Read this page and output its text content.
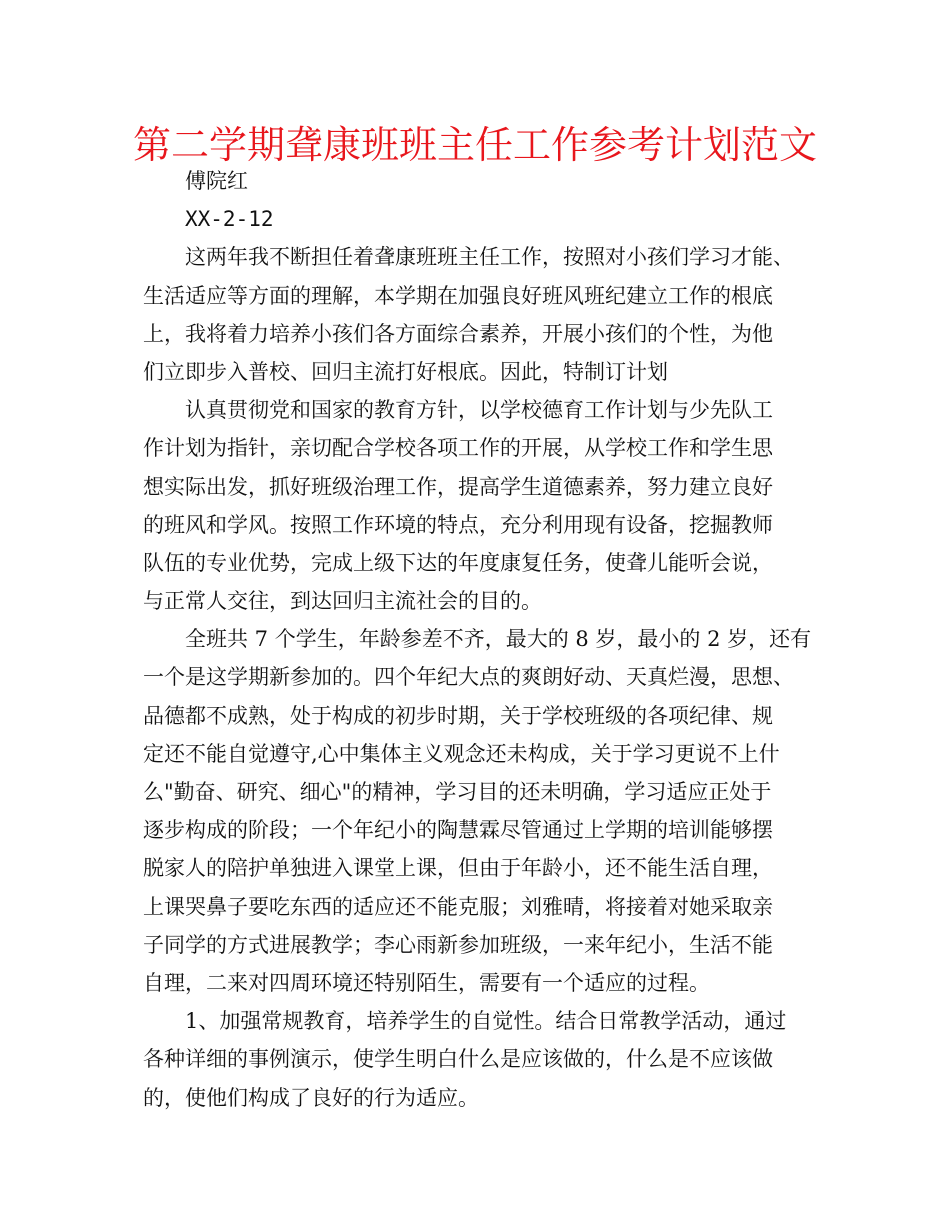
第二学期聋康班班主任工作参考计划范文
傅院红
XX-2-12
这两年我不断担任着聋康班班主任工作，按照对小孩们学习才能、
生活适应等方面的理解，本学期在加强良好班风班纪建立工作的根底
上，我将着力培养小孩们各方面综合素养，开展小孩们的个性，为他
们立即步入普校、回归主流打好根底。因此，特制订计划
认真贯彻党和国家的教育方针，以学校德育工作计划与少先队工
作计划为指针，亲切配合学校各项工作的开展，从学校工作和学生思
想实际出发，抓好班级治理工作，提高学生道德素养，努力建立良好
的班风和学风。按照工作环境的特点，充分利用现有设备，挖掘教师
队伍的专业优势，完成上级下达的年度康复任务，使聋儿能听会说，
与正常人交往，到达回归主流社会的目的。
全班共 7 个学生，年龄参差不齐，最大的 8 岁，最小的 2 岁，还有
一个是这学期新参加的。四个年纪大点的爽朗好动、天真烂漫，思想、
品德都不成熟，处于构成的初步时期，关于学校班级的各项纪律、规
定还不能自觉遵守,心中集体主义观念还未构成，关于学习更说不上什
么"勤奋、研究、细心"的精神，学习目的还未明确，学习适应正处于
逐步构成的阶段；一个年纪小的陶慧霖尽管通过上学期的培训能够摆
脱家人的陪护单独进入课堂上课，但由于年龄小，还不能生活自理，
上课哭鼻子要吃东西的适应还不能克服；刘雅晴，将接着对她采取亲
子同学的方式进展教学；李心雨新参加班级，一来年纪小，生活不能
自理，二来对四周环境还特别陌生，需要有一个适应的过程。
1、加强常规教育，培养学生的自觉性。结合日常教学活动，通过
各种详细的事例演示，使学生明白什么是应该做的，什么是不应该做
的，使他们构成了良好的行为适应。
